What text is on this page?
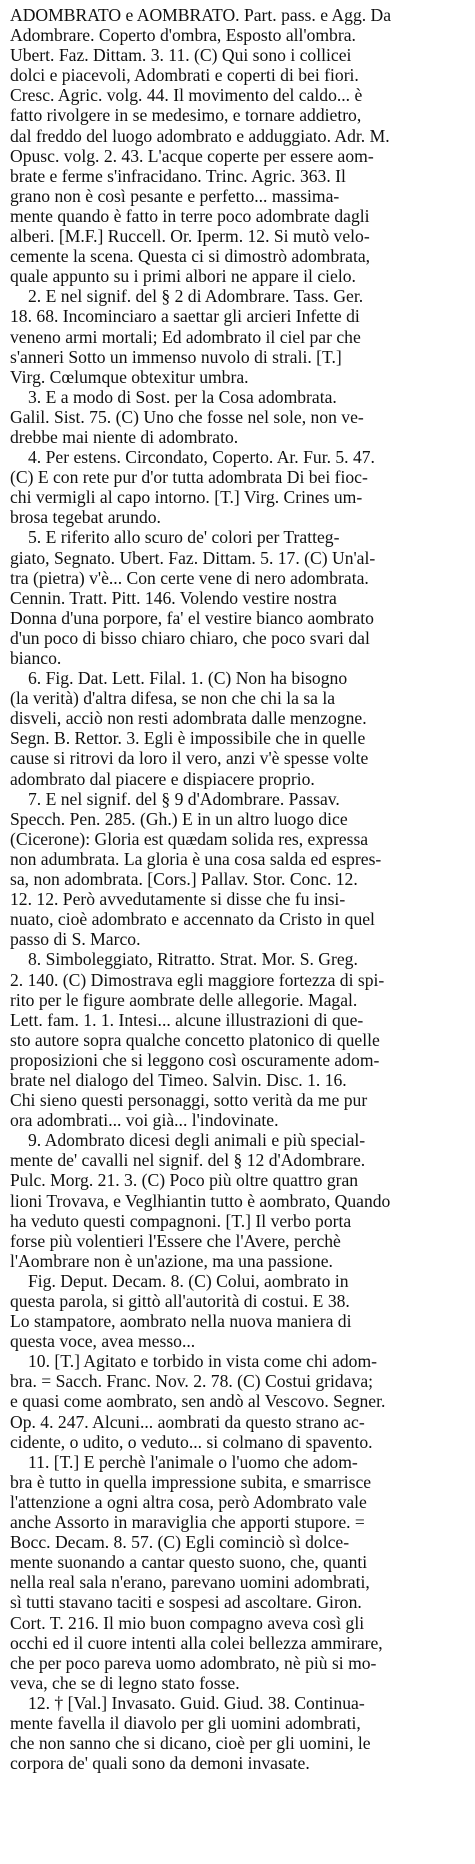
ADOMBRATO e AOMBRATO. Part. pass. e Agg. Da
Adombrare. Coperto d'ombra, Esposto all'ombra.
Ubert. Faz. Dittam. 3. 11. (C) Qui sono i collicei
dolci e piacevoli, Adombrati e coperti di bei fiori.
Cresc. Agric. volg. 44. Il movimento del caldo... è
fatto rivolgere in se medesimo, e tornare addietro,
dal freddo del luogo adombrato e adduggiato. Adr. M.
Opusc. volg. 2. 43. L'acque coperte per essere aom-
brate e ferme s'infracidano. Trinc. Agric. 363. Il
grano non è così pesante e perfetto... massima-
mente quando è fatto in terre poco adombrate dagli
alberi. [M.F.] Ruccell. Or. Iperm. 12. Si mutò velo-
cemente la scena. Questa ci si dimostrò adombrata,
quale appunto su i primi albori ne appare il cielo.
2. E nel signif. del § 2 di Adombrare. Tass. Ger.
18. 68. Incominciaro a saettar gli arcieri Infette di
veneno armi mortali; Ed adombrato il ciel par che
s'anneri Sotto un immenso nuvolo di strali. [T.]
Virg. Cœlumque obtexitur umbra.
3. E a modo di Sost. per la Cosa adombrata.
Galil. Sist. 75. (C) Uno che fosse nel sole, non ve-
drebbe mai niente di adombrato.
4. Per estens. Circondato, Coperto. Ar. Fur. 5. 47.
(C) E con rete pur d'or tutta adombrata Di bei fioc-
chi vermigli al capo intorno. [T.] Virg. Crines um-
brosa tegebat arundo.
5. E riferito allo scuro de' colori per Tratteg-
giato, Segnato. Ubert. Faz. Dittam. 5. 17. (C) Un'al-
tra (pietra) v'è... Con certe vene di nero adombrata.
Cennin. Tratt. Pitt. 146. Volendo vestire nostra
Donna d'una porpore, fa' el vestire bianco aombrato
d'un poco di bisso chiaro chiaro, che poco svari dal
bianco.
6. Fig. Dat. Lett. Filal. 1. (C) Non ha bisogno
(la verità) d'altra difesa, se non che chi la sa la
disveli, acciò non resti adombrata dalle menzogne.
Segn. B. Rettor. 3. Egli è impossibile che in quelle
cause si ritrovi da loro il vero, anzi v'è spesse volte
adombrato dal piacere e dispiacere proprio.
7. E nel signif. del § 9 d'Adombrare. Passav.
Specch. Pen. 285. (Gh.) E in un altro luogo dice
(Cicerone): Gloria est quædam solida res, expressa
non adumbrata. La gloria è una cosa salda ed espres-
sa, non adombrata. [Cors.] Pallav. Stor. Conc. 12.
12. 12. Però avvedutamente si disse che fu insi-
nuato, cioè adombrato e accennato da Cristo in quel
passo di S. Marco.
8. Simboleggiato, Ritratto. Strat. Mor. S. Greg.
2. 140. (C) Dimostrava egli maggiore fortezza di spi-
rito per le figure aombrate delle allegorie. Magal.
Lett. fam. 1. 1. Intesi... alcune illustrazioni di que-
sto autore sopra qualche concetto platonico di quelle
proposizioni che si leggono così oscuramente adom-
brate nel dialogo del Timeo. Salvin. Disc. 1. 16.
Chi sieno questi personaggi, sotto verità da me pur
ora adombrati... voi già... l'indovinate.
9. Adombrato dicesi degli animali e più special-
mente de' cavalli nel signif. del § 12 d'Adombrare.
Pulc. Morg. 21. 3. (C) Poco più oltre quattro gran
lioni Trovava, e Veglhiantin tutto è aombrato, Quando
ha veduto questi compagnoni. [T.] Il verbo porta
forse più volentieri l'Essere che l'Avere, perchè
l'Aombrare non è un'azione, ma una passione.
Fig. Deput. Decam. 8. (C) Colui, aombrato in
questa parola, si gittò all'autorità di costui. E 38.
Lo stampatore, aombrato nella nuova maniera di
questa voce, avea messo...
10. [T.] Agitato e torbido in vista come chi adom-
bra. = Sacch. Franc. Nov. 2. 78. (C) Costui gridava;
e quasi come aombrato, sen andò al Vescovo. Segner.
Op. 4. 247. Alcuni... aombrati da questo strano ac-
cidente, o udito, o veduto... si colmano di spavento.
11. [T.] E perchè l'animale o l'uomo che adom-
bra è tutto in quella impressione subita, e smarrisce
l'attenzione a ogni altra cosa, però Adombrato vale
anche Assorto in maraviglia che apporti stupore. =
Bocc. Decam. 8. 57. (C) Egli cominciò sì dolce-
mente suonando a cantar questo suono, che, quanti
nella real sala n'erano, parevano uomini adombrati,
sì tutti stavano taciti e sospesi ad ascoltare. Giron.
Cort. T. 216. Il mio buon compagno aveva così gli
occhi ed il cuore intenti alla colei bellezza ammirare,
che per poco pareva uomo adombrato, nè più si mo-
veva, che se di legno stato fosse.
12. † [Val.] Invasato. Guid. Giud. 38. Continua-
mente favella il diavolo per gli uomini adombrati,
che non sanno che si dicano, cioè per gli uomini, le
corpora de' quali sono da demoni invasate.
